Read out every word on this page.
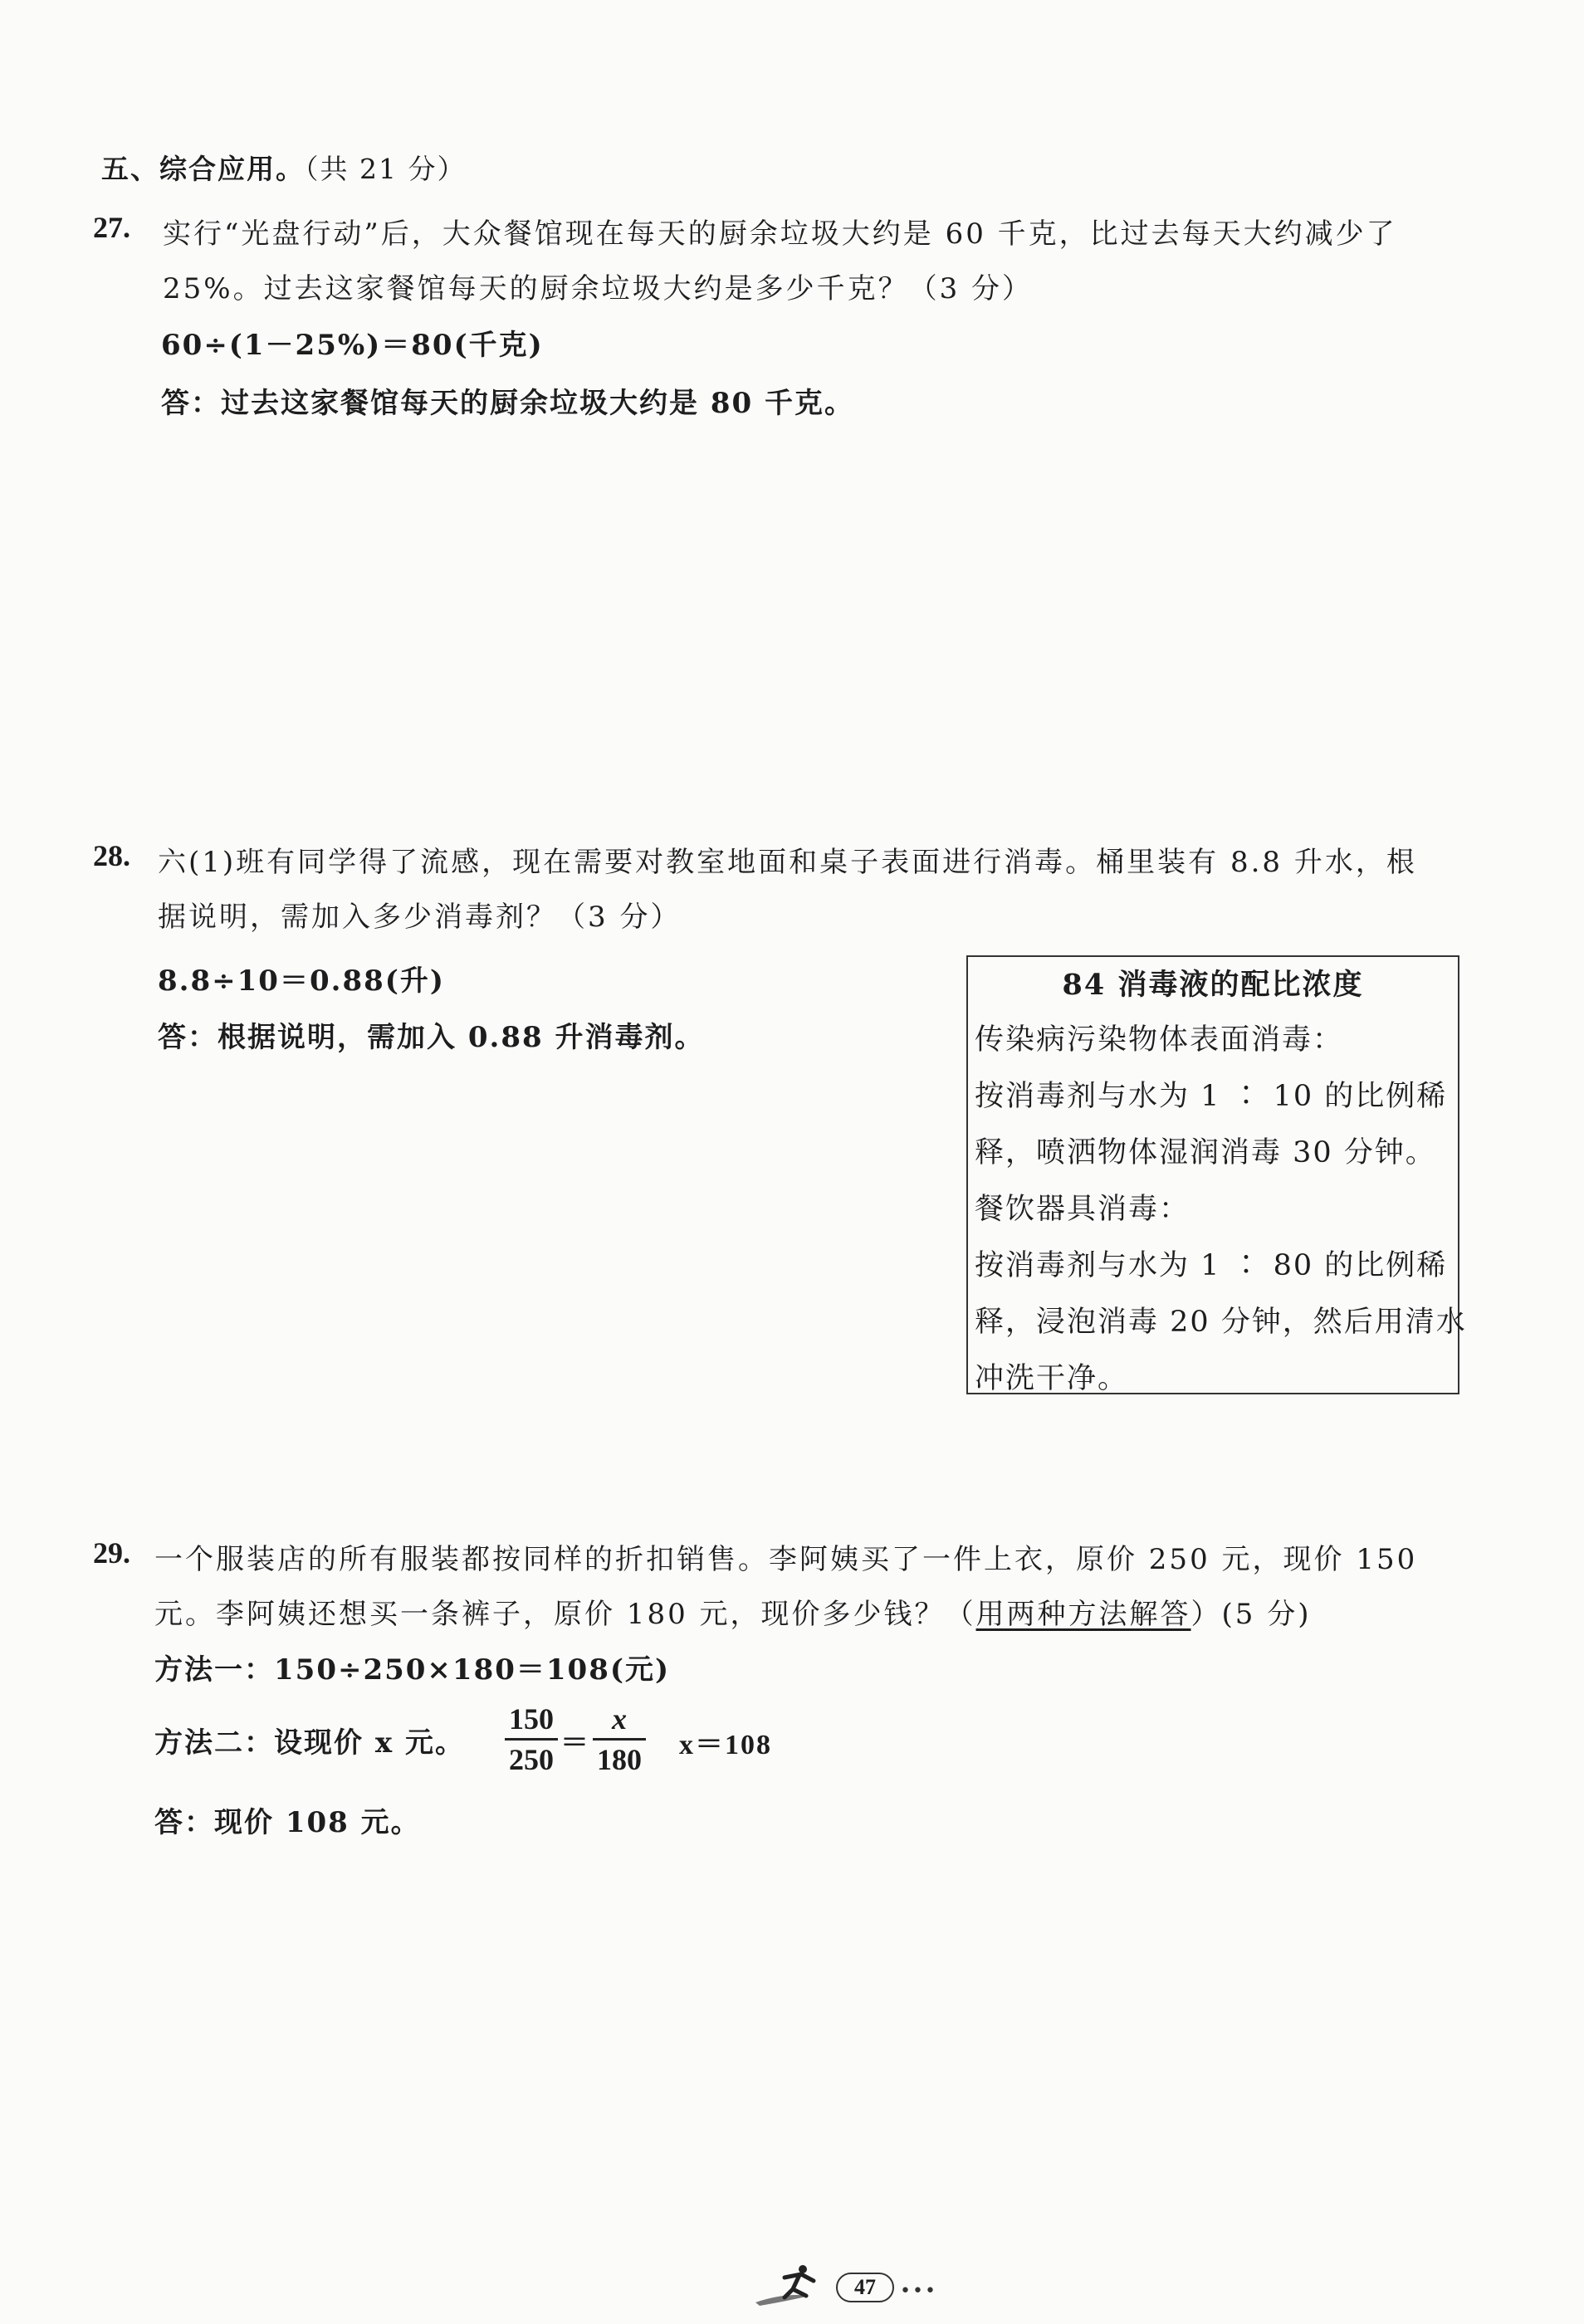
五、综合应用。（共 21 分）
27. 实行“光盘行动”后，大众餐馆现在每天的厨余垃圾大约是 60 千克，比过去每天大约减少了
25%。过去这家餐馆每天的厨余垃圾大约是多少千克？（3 分）
60÷(1－25%)＝80(千克)
答：过去这家餐馆每天的厨余垃圾大约是 80 千克。
28. 六(1)班有同学得了流感，现在需要对教室地面和桌子表面进行消毒。桶里装有 8.8 升水，根
据说明，需加入多少消毒剂？（3 分）
8.8÷10＝0.88(升)
答：根据说明，需加入 0.88 升消毒剂。
84 消毒液的配比浓度
传染病污染物体表面消毒：
按消毒剂与水为 1 ∶ 10 的比例稀
释，喷洒物体湿润消毒 30 分钟。
餐饮器具消毒：
按消毒剂与水为 1 ∶ 80 的比例稀
释，浸泡消毒 20 分钟，然后用清水
冲洗干净。
29. 一个服装店的所有服装都按同样的折扣销售。李阿姨买了一件上衣，原价 250 元，现价 150
元。李阿姨还想买一条裤子，原价 180 元，现价多少钱？（用两种方法解答）(5 分)
方法一：150÷250×180＝108(元)
方法二：设现价 x 元。
150
250 ＝
x
180 x＝108
答：现价 108 元。
47	•••
